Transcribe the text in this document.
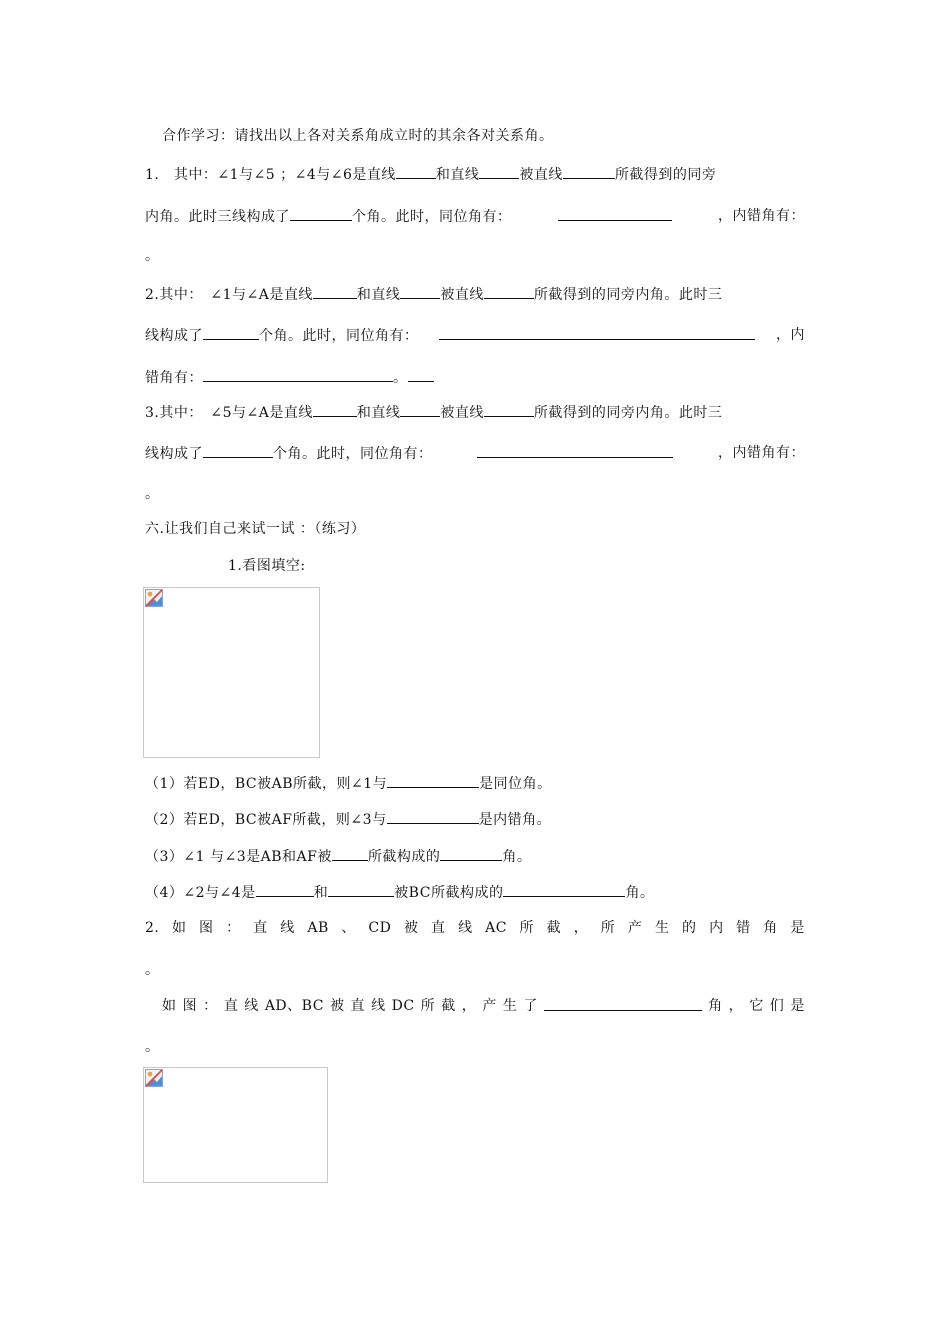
合作学习：请找出以上各对关系角成立时的其余各对关系角。
1.　其中：∠1与∠5 ；∠4与∠6是直线	和直线	被直线	所截得到的同旁
内角。此时三线构成了	个角。此时，同位角有：	，内错角有：
。
2.其中：　∠1与∠A是直线	和直线	被直线	所截得到的同旁内角。此时三
线构成了	个角。此时，同位角有：	，内
错角有：	。
3.其中：　∠5与∠A是直线	和直线	被直线	所截得到的同旁内角。此时三
线构成了	个角。此时，同位角有：	，内错角有：
。
六.让我们自己来试一试 ：（练习）
1.看图填空:
（1）若ED，BC被AB所截，则∠1与	是同位角。
（2）若ED，BC被AF所截，则∠3与	是内错角。
（3）∠1 与∠3是AB和AF被	所截构成的	角。
（4）∠2与∠4是	和	被BC所截构成的	角。
2. 如 图 ： 直 线 AB 、 CD 被 直 线 AC 所 截 ， 所 产 生 的 内 错 角 是
。
如 图 ： 直 线 AD、BC 被 直 线 DC 所 截 ， 产 生 了	角 ， 它 们 是
。
